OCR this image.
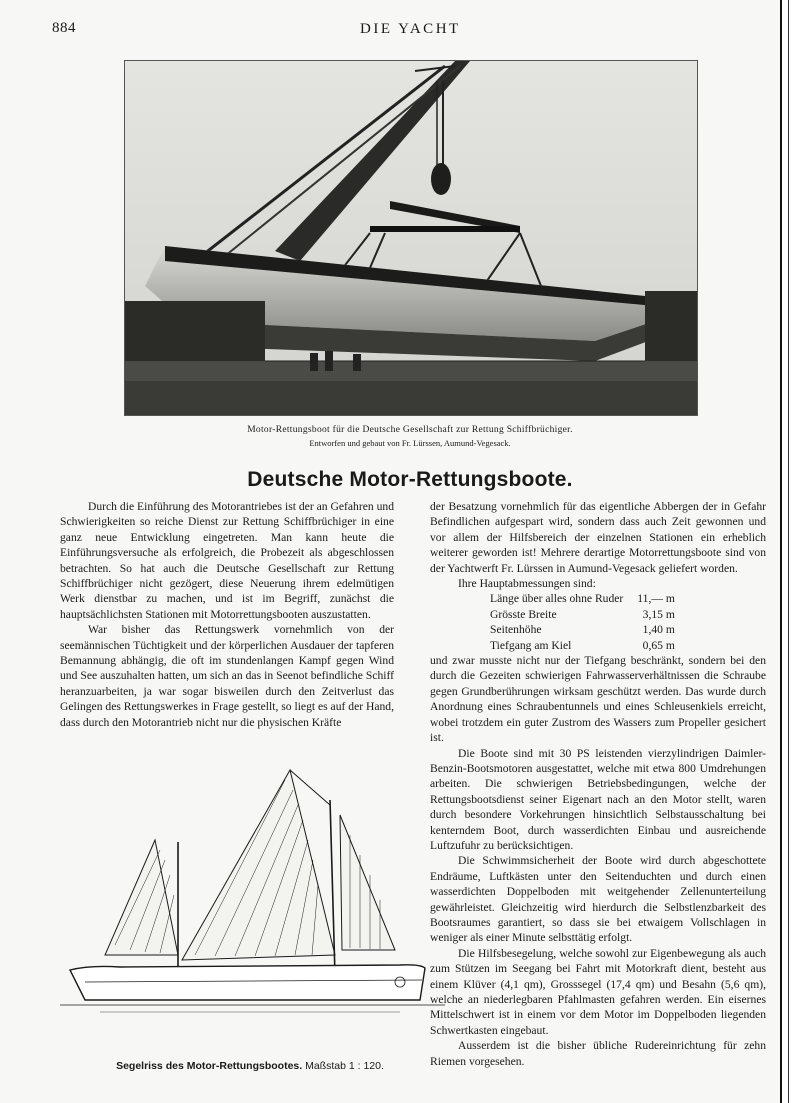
884	DIE YACHT
Motor-Rettungsboot für die Deutsche Gesellschaft zur Rettung Schiffbrüchiger.
Entworfen und gebaut von Fr. Lürssen, Aumund-Vegesack.
Deutsche Motor-Rettungsboote.

Durch die Einführung des Motorantriebes ist der an Gefahren und Schwierigkeiten so reiche Dienst zur Rettung Schiffbrüchiger in eine ganz neue Entwicklung eingetreten. Man kann heute die Einführungsversuche als erfolgreich, die Probezeit als abgeschlossen betrachten. So hat auch die Deutsche Gesellschaft zur Rettung Schiffbrüchiger nicht gezögert, diese Neuerung ihrem edelmütigen Werk dienstbar zu machen, und ist im Begriff, zunächst die hauptsächlichsten Stationen mit Motorrettungsbooten auszustatten.

War bisher das Rettungswerk vornehmlich von der seemännischen Tüchtigkeit und der körperlichen Ausdauer der tapferen Bemannung abhängig, die oft im stundenlangen Kampf gegen Wind und See auszuhalten hatten, um sich an das in Seenot befindliche Schiff heranzuarbeiten, ja war sogar bisweilen durch den Zeitverlust das Gelingen des Rettungswerkes in Frage gestellt, so liegt es auf der Hand, dass durch den Motorantrieb nicht nur die physischen Kräfte

der Besatzung vornehmlich für das eigentliche Abbergen der in Gefahr Befindlichen aufgespart wird, sondern dass auch Zeit gewonnen und vor allem der Hilfsbereich der einzelnen Stationen ein erheblich weiterer geworden ist! Mehrere derartige Motorrettungsboote sind von der Yachtwerft Fr. Lürssen in Aumund-Vegesack geliefert worden.

Ihre Hauptabmessungen sind:

Länge über alles ohne Ruder	11,— m
Grösste Breite	3,15 m
Seitenhöhe	1,40 m
Tiefgang am Kiel	0,65 m

und zwar musste nicht nur der Tiefgang beschränkt, sondern bei den durch die Gezeiten schwierigen Fahrwasserverhältnissen die Schraube gegen Grundberührungen wirksam geschützt werden. Das wurde durch Anordnung eines Schraubentunnels und eines Schleusenkiels erreicht, wobei trotzdem ein guter Zustrom des Wassers zum Propeller gesichert ist.

Die Boote sind mit 30 PS leistenden vierzylindrigen Daimler-Benzin-Bootsmotoren ausgestattet, welche mit etwa 800 Umdrehungen arbeiten. Die schwierigen Betriebsbedingungen, welche der Rettungsbootsdienst seiner Eigenart nach an den Motor stellt, waren durch besondere Vorkehrungen hinsichtlich Selbstausschaltung bei kenterndem Boot, durch wasserdichten Einbau und ausreichende Luftzufuhr zu berücksichtigen.

Die Schwimmsicherheit der Boote wird durch abgeschottete Endräume, Luftkästen unter den Seitenduchten und durch einen wasserdichten Doppelboden mit weitgehender Zellenunterteilung gewährleistet. Gleichzeitig wird hierdurch die Selbstlenzbarkeit des Bootsraumes garantiert, so dass sie bei etwaigem Vollschlagen in weniger als einer Minute selbsttätig erfolgt.

Die Hilfsbesegelung, welche sowohl zur Eigenbewegung als auch zum Stützen im Seegang bei Fahrt mit Motorkraft dient, besteht aus einem Klüver (4,1 qm), Grosssegel (17,4 qm) und Besahn (5,6 qm), welche an niederlegbaren Pfahlmasten gefahren werden. Ein eisernes Mittelschwert ist in einem vor dem Motor im Doppelboden liegenden Schwertkasten eingebaut.

Ausserdem ist die bisher übliche Rudereinrichtung für zehn Riemen vorgesehen.

Segelriss des Motor-Rettungsbootes. Maßstab 1 : 120.
